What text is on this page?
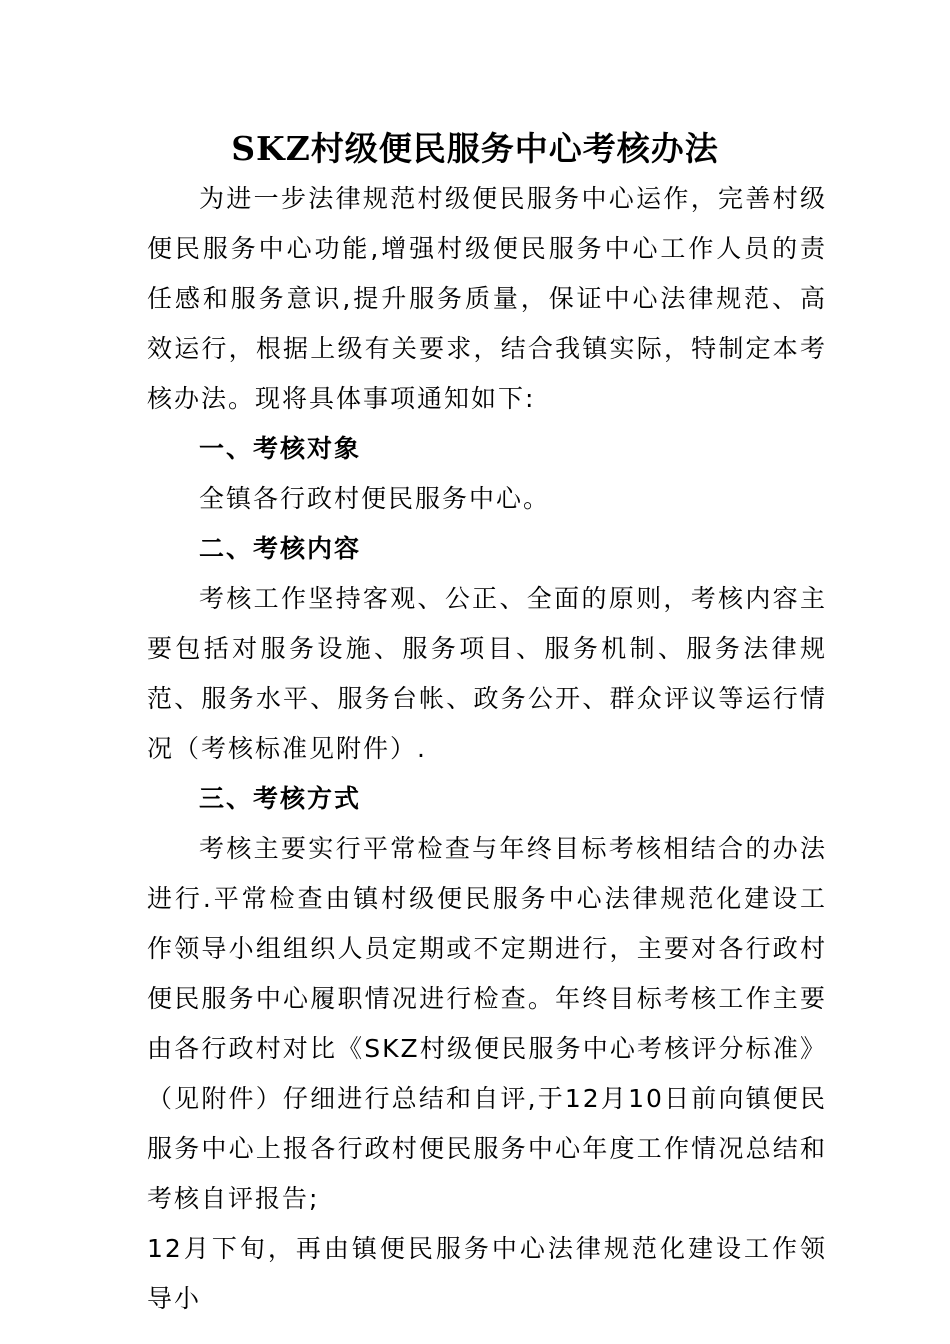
SKZ村级便民服务中心考核办法

为进一步法律规范村级便民服务中心运作，完善村级便民服务中心功能,增强村级便民服务中心工作人员的责任感和服务意识,提升服务质量，保证中心法律规范、高效运行，根据上级有关要求，结合我镇实际，特制定本考核办法。现将具体事项通知如下:

一、考核对象

全镇各行政村便民服务中心。

二、考核内容

考核工作坚持客观、公正、全面的原则，考核内容主要包括对服务设施、服务项目、服务机制、服务法律规范、服务水平、服务台帐、政务公开、群众评议等运行情况（考核标准见附件）.

三、考核方式

考核主要实行平常检查与年终目标考核相结合的办法进行.平常检查由镇村级便民服务中心法律规范化建设工作领导小组组织人员定期或不定期进行，主要对各行政村便民服务中心履职情况进行检查。年终目标考核工作主要由各行政村对比《SKZ村级便民服务中心考核评分标准》（见附件）仔细进行总结和自评,于12月10日前向镇便民服务中心上报各行政村便民服务中心年度工作情况总结和考核自评报告;

12月下旬，再由镇便民服务中心法律规范化建设工作领导小
